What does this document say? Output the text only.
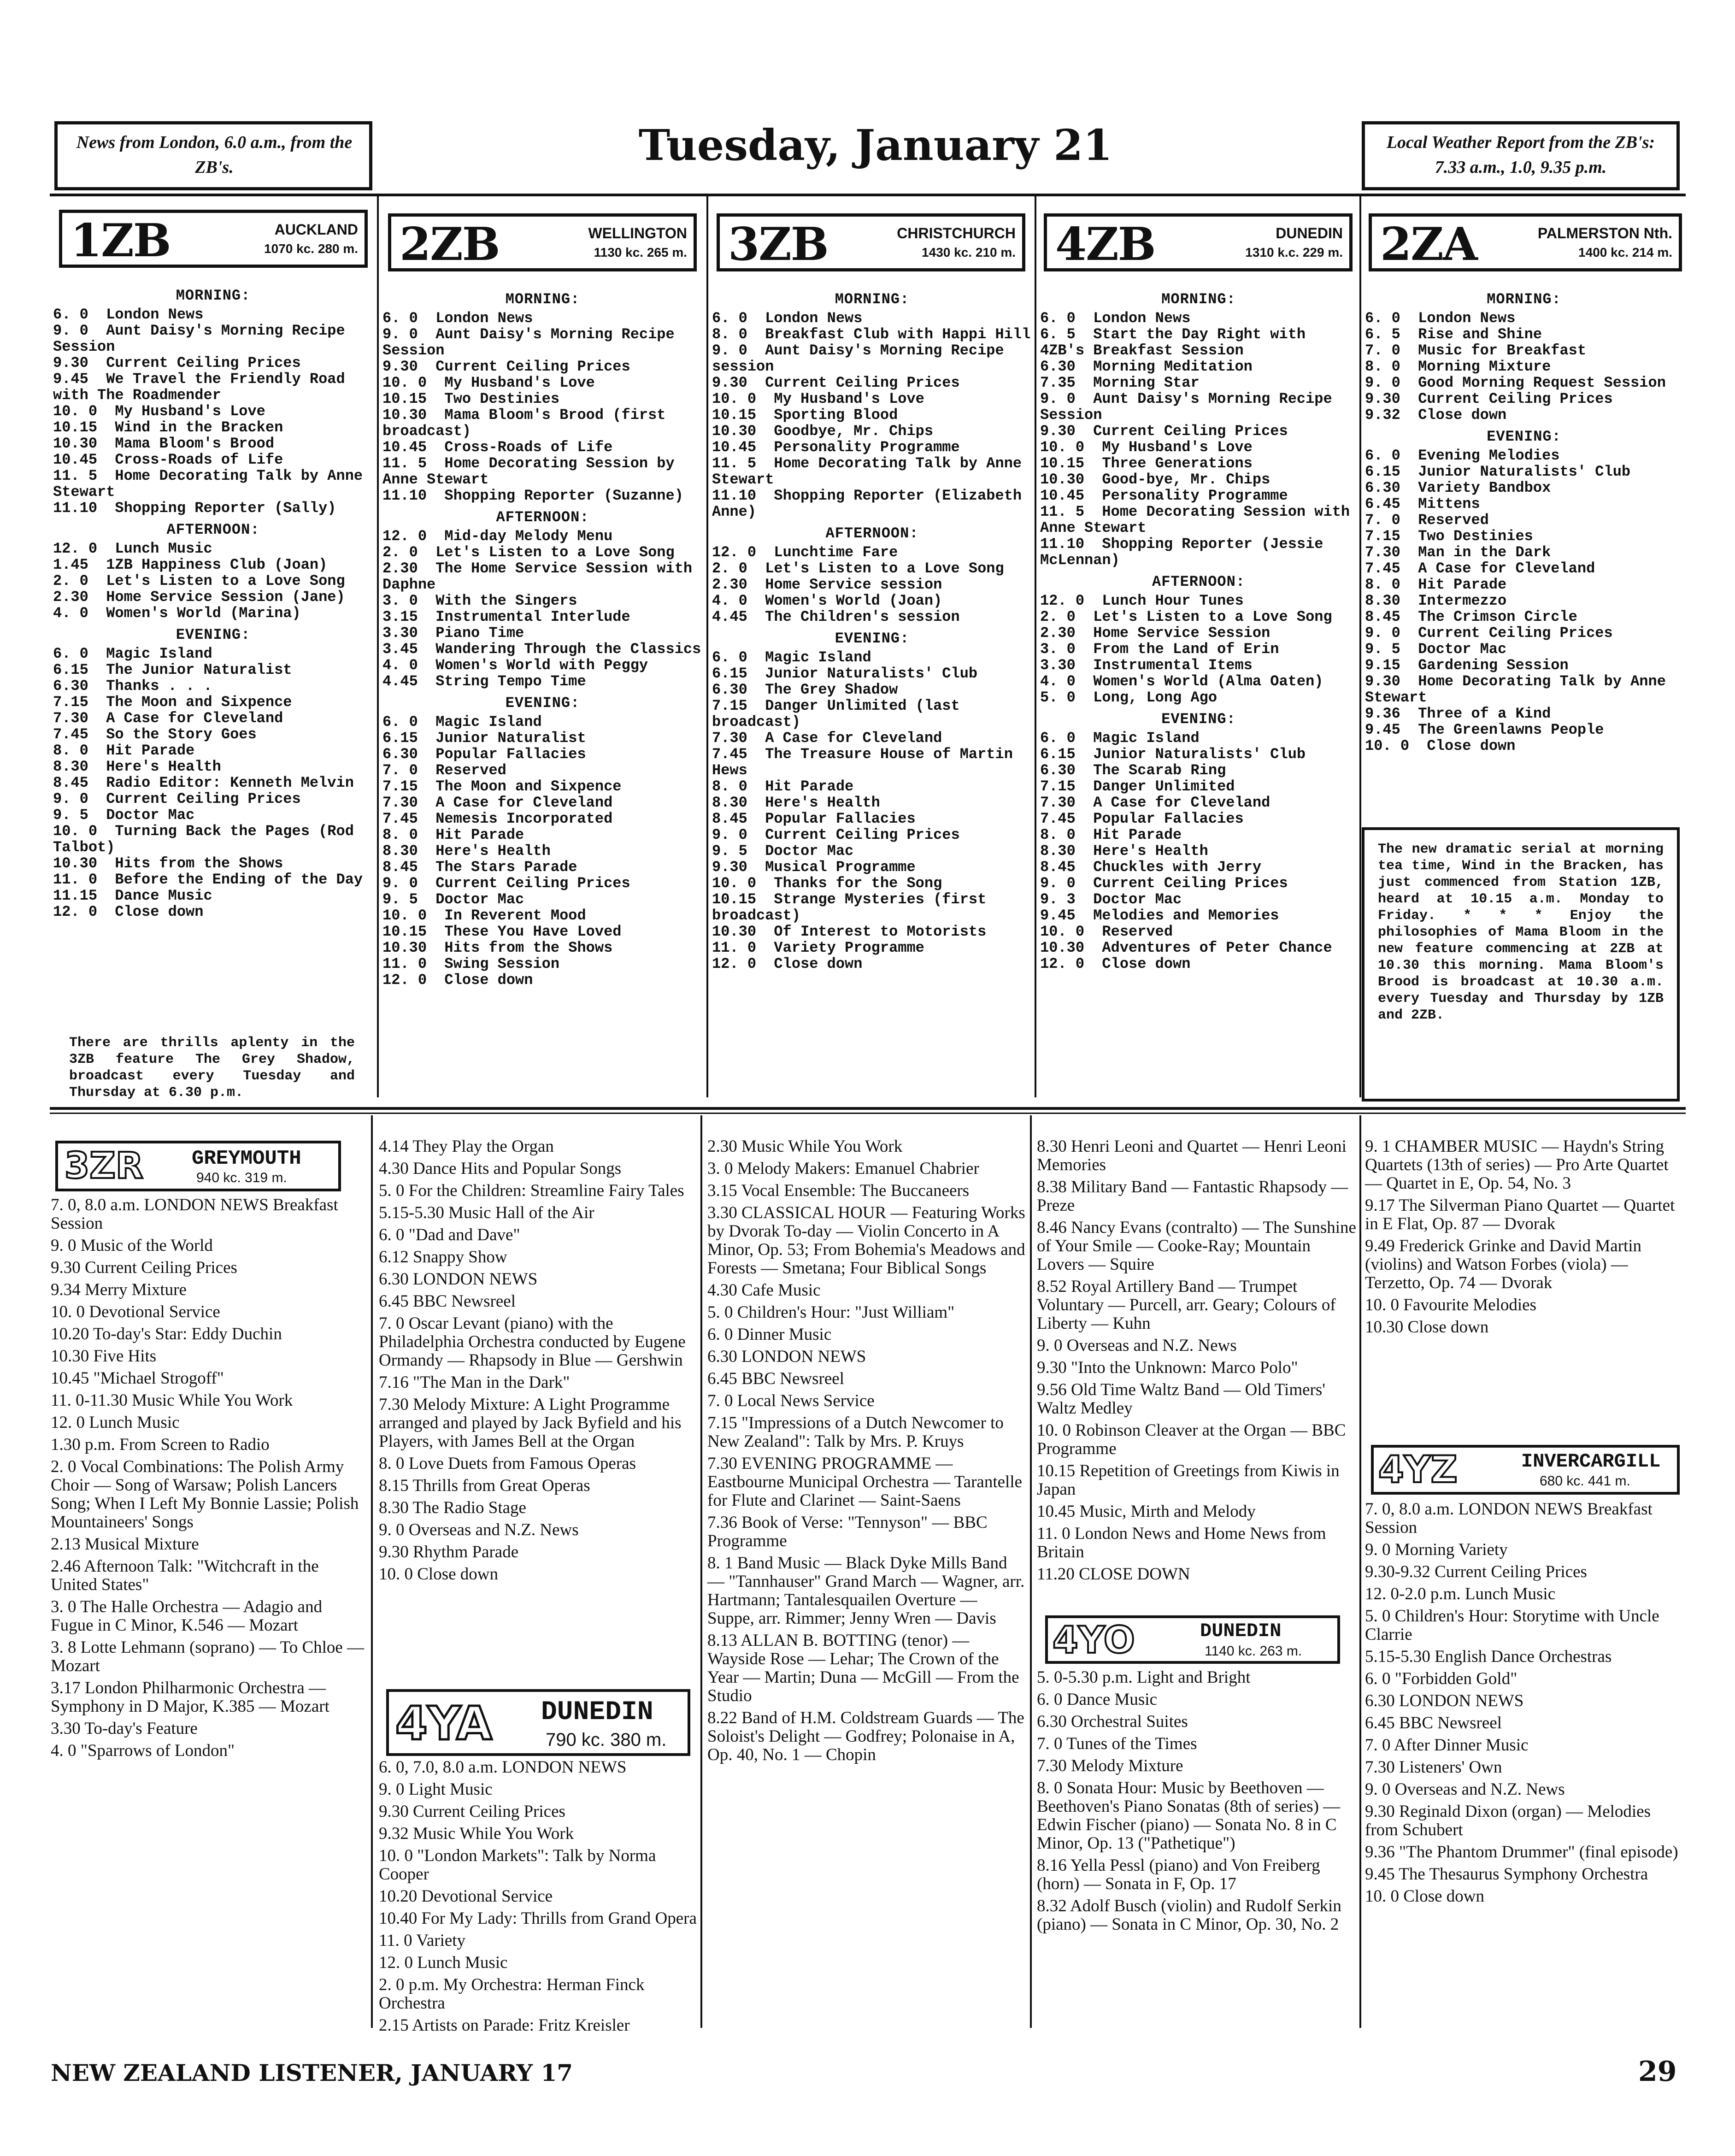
News from London, 6.0 a.m., from the ZB's.	Tuesday, January 21	Local Weather Report from the ZB's: 7.33 a.m., 1.0, 9.35 p.m.
1ZB	AUCKLAND
1070 kc. 280 m. 2ZB	WELLINGTON
1130 kc. 265 m. 3ZB	CHRISTCHURCH
1430 kc. 210 m. 4ZB	DUNEDIN
1310 k.c. 229 m. 2ZA	PALMERSTON Nth.
1400 kc. 214 m.
MORNING:
6. 0  London News
9. 0  Aunt Daisy's Morning Recipe Session
9.30  Current Ceiling Prices
9.45  We Travel the Friendly Road with The Roadmender
10. 0  My Husband's Love
10.15  Wind in the Bracken
10.30  Mama Bloom's Brood
10.45  Cross-Roads of Life
11. 5  Home Decorating Talk by Anne Stewart
11.10  Shopping Reporter (Sally)
AFTERNOON:
12. 0  Lunch Music
1.45  1ZB Happiness Club (Joan)
2. 0  Let's Listen to a Love Song
2.30  Home Service Session (Jane)
4. 0  Women's World (Marina)
EVENING:
6. 0  Magic Island
6.15  The Junior Naturalist
6.30  Thanks . . .
7.15  The Moon and Sixpence
7.30  A Case for Cleveland
7.45  So the Story Goes
8. 0  Hit Parade
8.30  Here's Health
8.45  Radio Editor: Kenneth Melvin
9. 0  Current Ceiling Prices
9. 5  Doctor Mac
10. 0  Turning Back the Pages (Rod Talbot)
10.30  Hits from the Shows
11. 0  Before the Ending of the Day
11.15  Dance Music
12. 0  Close down
MORNING:
6. 0  London News
9. 0  Aunt Daisy's Morning Recipe Session
9.30  Current Ceiling Prices
10. 0  My Husband's Love
10.15  Two Destinies
10.30  Mama Bloom's Brood (first broadcast)
10.45  Cross-Roads of Life
11. 5  Home Decorating Session by Anne Stewart
11.10  Shopping Reporter (Suzanne)
AFTERNOON:
12. 0  Mid-day Melody Menu
2. 0  Let's Listen to a Love Song
2.30  The Home Service Session with Daphne
3. 0  With the Singers
3.15  Instrumental Interlude
3.30  Piano Time
3.45  Wandering Through the Classics
4. 0  Women's World with Peggy
4.45  String Tempo Time
EVENING:
6. 0  Magic Island
6.15  Junior Naturalist
6.30  Popular Fallacies
7. 0  Reserved
7.15  The Moon and Sixpence
7.30  A Case for Cleveland
7.45  Nemesis Incorporated
8. 0  Hit Parade
8.30  Here's Health
8.45  The Stars Parade
9. 0  Current Ceiling Prices
9. 5  Doctor Mac
10. 0  In Reverent Mood
10.15  These You Have Loved
10.30  Hits from the Shows
11. 0  Swing Session
12. 0  Close down
MORNING:
6. 0  London News
8. 0  Breakfast Club with Happi Hill
9. 0  Aunt Daisy's Morning Recipe session
9.30  Current Ceiling Prices
10. 0  My Husband's Love
10.15  Sporting Blood
10.30  Goodbye, Mr. Chips
10.45  Personality Programme
11. 5  Home Decorating Talk by Anne Stewart
11.10  Shopping Reporter (Elizabeth Anne)
AFTERNOON:
12. 0  Lunchtime Fare
2. 0  Let's Listen to a Love Song
2.30  Home Service session
4. 0  Women's World (Joan)
4.45  The Children's session
EVENING:
6. 0  Magic Island
6.15  Junior Naturalists' Club
6.30  The Grey Shadow
7.15  Danger Unlimited (last broadcast)
7.30  A Case for Cleveland
7.45  The Treasure House of Martin Hews
8. 0  Hit Parade
8.30  Here's Health
8.45  Popular Fallacies
9. 0  Current Ceiling Prices
9. 5  Doctor Mac
9.30  Musical Programme
10. 0  Thanks for the Song
10.15  Strange Mysteries (first broadcast)
10.30  Of Interest to Motorists
11. 0  Variety Programme
12. 0  Close down
MORNING:
6. 0  London News
6. 5  Start the Day Right with 4ZB's Breakfast Session
6.30  Morning Meditation
7.35  Morning Star
9. 0  Aunt Daisy's Morning Recipe Session
9.30  Current Ceiling Prices
10. 0  My Husband's Love
10.15  Three Generations
10.30  Good-bye, Mr. Chips
10.45  Personality Programme
11. 5  Home Decorating Session with Anne Stewart
11.10  Shopping Reporter (Jessie McLennan)
AFTERNOON:
12. 0  Lunch Hour Tunes
2. 0  Let's Listen to a Love Song
2.30  Home Service Session
3. 0  From the Land of Erin
3.30  Instrumental Items
4. 0  Women's World (Alma Oaten)
5. 0  Long, Long Ago
EVENING:
6. 0  Magic Island
6.15  Junior Naturalists' Club
6.30  The Scarab Ring
7.15  Danger Unlimited
7.30  A Case for Cleveland
7.45  Popular Fallacies
8. 0  Hit Parade
8.30  Here's Health
8.45  Chuckles with Jerry
9. 0  Current Ceiling Prices
9. 3  Doctor Mac
9.45  Melodies and Memories
10. 0  Reserved
10.30  Adventures of Peter Chance
12. 0  Close down
MORNING:
6. 0  London News
6. 5  Rise and Shine
7. 0  Music for Breakfast
8. 0  Morning Mixture
9. 0  Good Morning Request Session
9.30  Current Ceiling Prices
9.32  Close down
EVENING:
6. 0  Evening Melodies
6.15  Junior Naturalists' Club
6.30  Variety Bandbox
6.45  Mittens
7. 0  Reserved
7.15  Two Destinies
7.30  Man in the Dark
7.45  A Case for Cleveland
8. 0  Hit Parade
8.30  Intermezzo
8.45  The Crimson Circle
9. 0  Current Ceiling Prices
9. 5  Doctor Mac
9.15  Gardening Session
9.30  Home Decorating Talk by Anne Stewart
9.36  Three of a Kind
9.45  The Greenlawns People
10. 0  Close down
There are thrills aplenty in the 3ZB feature The Grey Shadow, broadcast every Tuesday and Thursday at 6.30 p.m.
The new dramatic serial at morning tea time, Wind in the Bracken, has just commenced from Station 1ZB, heard at 10.15 a.m. Monday to Friday. * * * Enjoy the philosophies of Mama Bloom in the new feature commencing at 2ZB at 10.30 this morning. Mama Bloom's Brood is broadcast at 10.30 a.m. every Tuesday and Thursday by 1ZB and 2ZB.
3ZR GREYMOUTH
940 kc. 319 m.
4YA DUNEDIN
790 kc. 380 m.
4YO	DUNEDIN
1140 kc. 263 m.
4YZ	INVERCARGILL
680 kc. 441 m.

7. 0, 8.0 a.m. LONDON NEWS Breakfast Session

9. 0 Music of the World

9.30 Current Ceiling Prices

9.34 Merry Mixture

10. 0 Devotional Service

10.20 To-day's Star: Eddy Duchin

10.30 Five Hits

10.45 "Michael Strogoff"

11. 0-11.30 Music While You Work

12. 0 Lunch Music

1.30 p.m. From Screen to Radio

2. 0 Vocal Combinations: The Polish Army Choir — Song of Warsaw; Polish Lancers Song; When I Left My Bonnie Lassie; Polish Mountaineers' Songs

2.13 Musical Mixture

2.46 Afternoon Talk: "Witchcraft in the United States"

3. 0 The Halle Orchestra — Adagio and Fugue in C Minor, K.546 — Mozart

3. 8 Lotte Lehmann (soprano) — To Chloe — Mozart

3.17 London Philharmonic Orchestra — Symphony in D Major, K.385 — Mozart

3.30 To-day's Feature

4. 0 "Sparrows of London"

4.14 They Play the Organ

4.30 Dance Hits and Popular Songs

5. 0 For the Children: Streamline Fairy Tales

5.15-5.30 Music Hall of the Air

6. 0 "Dad and Dave"

6.12 Snappy Show

6.30 LONDON NEWS

6.45 BBC Newsreel

7. 0 Oscar Levant (piano) with the Philadelphia Orchestra conducted by Eugene Ormandy — Rhapsody in Blue — Gershwin

7.16 "The Man in the Dark"

7.30 Melody Mixture: A Light Programme arranged and played by Jack Byfield and his Players, with James Bell at the Organ

8. 0 Love Duets from Famous Operas

8.15 Thrills from Great Operas

8.30 The Radio Stage

9. 0 Overseas and N.Z. News

9.30 Rhythm Parade

10. 0 Close down

6. 0, 7.0, 8.0 a.m. LONDON NEWS

9. 0 Light Music

9.30 Current Ceiling Prices

9.32 Music While You Work

10. 0 "London Markets": Talk by Norma Cooper

10.20 Devotional Service

10.40 For My Lady: Thrills from Grand Opera

11. 0 Variety

12. 0 Lunch Music

2. 0 p.m. My Orchestra: Herman Finck Orchestra

2.15 Artists on Parade: Fritz Kreisler

2.30 Music While You Work

3. 0 Melody Makers: Emanuel Chabrier

3.15 Vocal Ensemble: The Buccaneers

3.30 CLASSICAL HOUR — Featuring Works by Dvorak To-day — Violin Concerto in A Minor, Op. 53; From Bohemia's Meadows and Forests — Smetana; Four Biblical Songs

4.30 Cafe Music

5. 0 Children's Hour: "Just William"

6. 0 Dinner Music

6.30 LONDON NEWS

6.45 BBC Newsreel

7. 0 Local News Service

7.15 "Impressions of a Dutch Newcomer to New Zealand": Talk by Mrs. P. Kruys

7.30 EVENING PROGRAMME — Eastbourne Municipal Orchestra — Tarantelle for Flute and Clarinet — Saint-Saens

7.36 Book of Verse: "Tennyson" — BBC Programme

8. 1 Band Music — Black Dyke Mills Band — "Tannhauser" Grand March — Wagner, arr. Hartmann; Tantalesquailen Overture — Suppe, arr. Rimmer; Jenny Wren — Davis

8.13 ALLAN B. BOTTING (tenor) — Wayside Rose — Lehar; The Crown of the Year — Martin; Duna — McGill — From the Studio

8.22 Band of H.M. Coldstream Guards — The Soloist's Delight — Godfrey; Polonaise in A, Op. 40, No. 1 — Chopin

8.30 Henri Leoni and Quartet — Henri Leoni Memories

8.38 Military Band — Fantastic Rhapsody — Preze

8.46 Nancy Evans (contralto) — The Sunshine of Your Smile — Cooke-Ray; Mountain Lovers — Squire

8.52 Royal Artillery Band — Trumpet Voluntary — Purcell, arr. Geary; Colours of Liberty — Kuhn

9. 0 Overseas and N.Z. News

9.30 "Into the Unknown: Marco Polo"

9.56 Old Time Waltz Band — Old Timers' Waltz Medley

10. 0 Robinson Cleaver at the Organ — BBC Programme

10.15 Repetition of Greetings from Kiwis in Japan

10.45 Music, Mirth and Melody

11. 0 London News and Home News from Britain

11.20 CLOSE DOWN

5. 0-5.30 p.m. Light and Bright

6. 0 Dance Music

6.30 Orchestral Suites

7. 0 Tunes of the Times

7.30 Melody Mixture

8. 0 Sonata Hour: Music by Beethoven — Beethoven's Piano Sonatas (8th of series) — Edwin Fischer (piano) — Sonata No. 8 in C Minor, Op. 13 ("Pathetique")

8.16 Yella Pessl (piano) and Von Freiberg (horn) — Sonata in F, Op. 17

8.32 Adolf Busch (violin) and Rudolf Serkin (piano) — Sonata in C Minor, Op. 30, No. 2

9. 1 CHAMBER MUSIC — Haydn's String Quartets (13th of series) — Pro Arte Quartet — Quartet in E, Op. 54, No. 3

9.17 The Silverman Piano Quartet — Quartet in E Flat, Op. 87 — Dvorak

9.49 Frederick Grinke and David Martin (violins) and Watson Forbes (viola) — Terzetto, Op. 74 — Dvorak

10. 0 Favourite Melodies

10.30 Close down

7. 0, 8.0 a.m. LONDON NEWS Breakfast Session

9. 0 Morning Variety

9.30-9.32 Current Ceiling Prices

12. 0-2.0 p.m. Lunch Music

5. 0 Children's Hour: Storytime with Uncle Clarrie

5.15-5.30 English Dance Orchestras

6. 0 "Forbidden Gold"

6.30 LONDON NEWS

6.45 BBC Newsreel

7. 0 After Dinner Music

7.30 Listeners' Own

9. 0 Overseas and N.Z. News

9.30 Reginald Dixon (organ) — Melodies from Schubert

9.36 "The Phantom Drummer" (final episode)

9.45 The Thesaurus Symphony Orchestra

10. 0 Close down

NEW ZEALAND LISTENER, JANUARY 17	29
